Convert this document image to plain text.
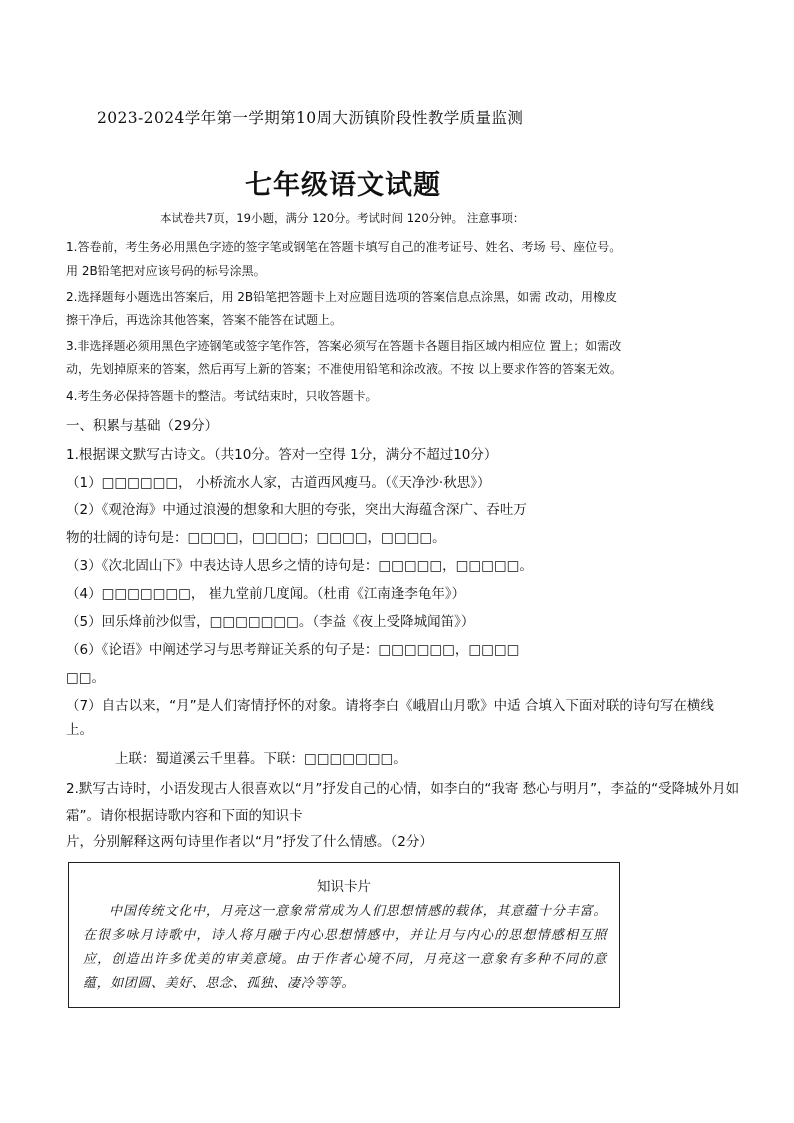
2023-2024学年第一学期第10周大沥镇阶段性教学质量监测
七年级语文试题
本试卷共7页，19小题，满分 120分。考试时间 120分钟。 注意事项：
1.答卷前，考生务必用黑色字迹的签字笔或钢笔在答题卡填写自己的准考证号、姓名、考场 号、座位号。
用 2B铅笔把对应该号码的标号涂黑。
2.选择题每小题选出答案后，用 2B铅笔把答题卡上对应题目选项的答案信息点涂黑，如需 改动，用橡皮
擦干净后，再选涂其他答案，答案不能答在试题上。
3.非选择题必须用黑色字迹钢笔或签字笔作答，答案必须写在答题卡各题目指区域内相应位 置上；如需改
动，先划掉原来的答案，然后再写上新的答案；不准使用铅笔和涂改液。不按 以上要求作答的答案无效。
4.考生务必保持答题卡的整洁。考试结束时，只收答题卡。
一、积累与基础（29分）
1.根据课文默写古诗文。（共10分。答对一空得 1分，满分不超过10分）
（1）□□□□□□， 小桥流水人家，古道西风瘦马。（《天净沙·秋思》）
（2）《观沧海》中通过浪漫的想象和大胆的夸张，突出大海蕴含深广、吞吐万
物的壮阔的诗句是：□□□□，□□□□；□□□□，□□□□。
（3）《次北固山下》中表达诗人思乡之情的诗句是：□□□□□，□□□□□。
（4）□□□□□□□， 崔九堂前几度闻。（杜甫《江南逢李龟年》）
（5）回乐烽前沙似雪，□□□□□□□。（李益《夜上受降城闻笛》）
（6）《论语》中阐述学习与思考辩证关系的句子是：□□□□□□，□□□□
□□。
（7）自古以来，“月”是人们寄情抒怀的对象。请将李白《峨眉山月歌》中适 合填入下面对联的诗句写在横线
上。
上联：蜀道溪云千里暮。下联：□□□□□□□。
2.默写古诗时，小语发现古人很喜欢以“月”抒发自己的心情，如李白的“我寄 愁心与明月”，李益的“受降城外月如
霜”。请你根据诗歌内容和下面的知识卡
片，分别解释这两句诗里作者以“月”抒发了什么情感。（2分）
知识卡片
中国传统文化中，月亮这一意象常常成为人们思想情感的载体，其意蕴十分丰富。在很多咏月诗歌中，诗人将月融于内心思想情感中，并让月与内心的思想情感相互照应，创造出许多优美的审美意境。由于作者心境不同，月亮这一意象有多种不同的意蕴，如团圆、美好、思念、孤独、凄冷等等。
